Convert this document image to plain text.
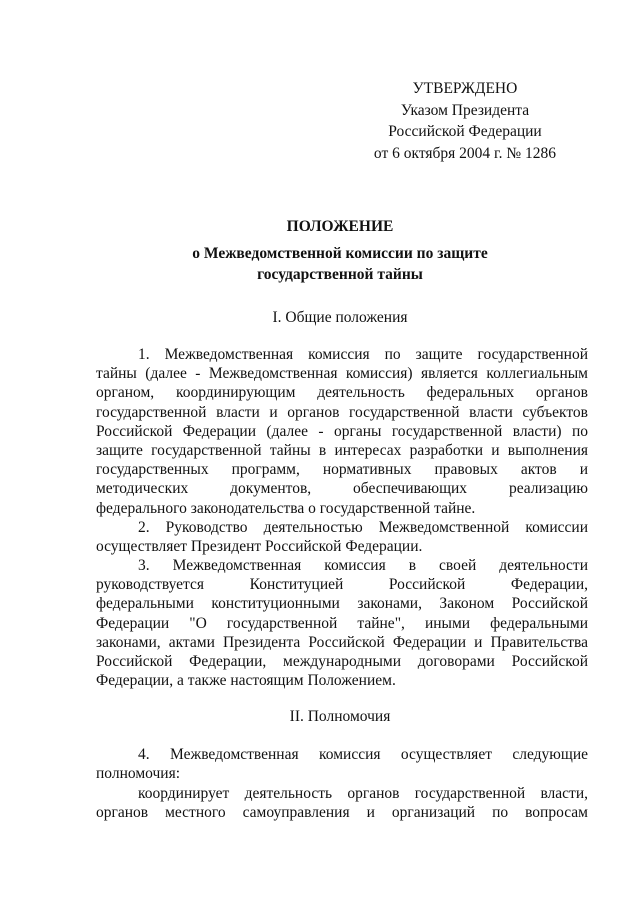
УТВЕРЖДЕНО
Указом Президента
Российской Федерации
от 6 октября 2004 г. № 1286
ПОЛОЖЕНИЕ
о Межведомственной комиссии по защите
государственной тайны
I. Общие положения
1. Межведомственная комиссия по защите государственной
тайны (далее - Межведомственная комиссия) является коллегиальным
органом, координирующим деятельность федеральных органов
государственной власти и органов государственной власти субъектов
Российской Федерации (далее - органы государственной власти) по
защите государственной тайны в интересах разработки и выполнения
государственных программ, нормативных правовых актов и
методических документов, обеспечивающих реализацию
федерального законодательства о государственной тайне.
2. Руководство деятельностью Межведомственной комиссии
осуществляет Президент Российской Федерации.
3. Межведомственная комиссия в своей деятельности
руководствуется Конституцией Российской Федерации,
федеральными конституционными законами, Законом Российской
Федерации "О государственной тайне", иными федеральными
законами, актами Президента Российской Федерации и Правительства
Российской Федерации, международными договорами Российской
Федерации, а также настоящим Положением.
II. Полномочия
4. Межведомственная комиссия осуществляет следующие
полномочия:
координирует деятельность органов государственной власти,
органов местного самоуправления и организаций по вопросам
